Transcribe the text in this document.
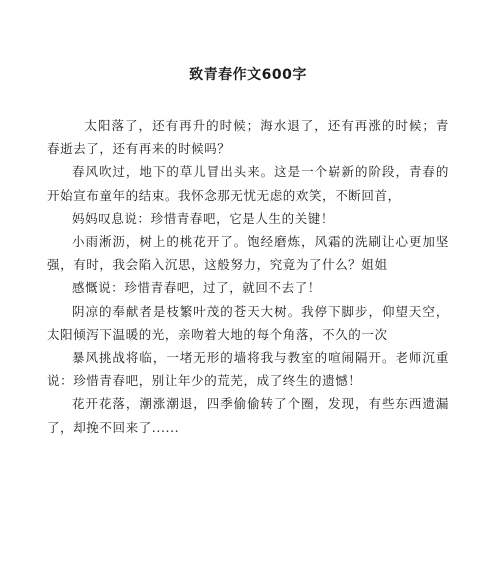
致青春作文600字

太阳落了，还有再升的时候；海水退了，还有再涨的时候；青春逝去了，还有再来的时候吗？

春风吹过，地下的草儿冒出头来。这是一个崭新的阶段，青春的开始宣布童年的结束。我怀念那无忧无虑的欢笑，不断回首，

妈妈叹息说：珍惜青春吧，它是人生的关键！

小雨淅沥，树上的桃花开了。饱经磨炼，风霜的洗刷让心更加坚强，有时，我会陷入沉思，这般努力，究竟为了什么？姐姐

感慨说：珍惜青春吧，过了，就回不去了！

阴凉的奉献者是枝繁叶茂的苍天大树。我停下脚步，仰望天空，太阳倾泻下温暖的光，亲吻着大地的每个角落，不久的一次

暴风挑战将临，一堵无形的墙将我与教室的喧闹隔开。老师沉重说：珍惜青春吧，别让年少的荒芜，成了终生的遗憾！

花开花落，潮涨潮退，四季偷偷转了个圈，发现，有些东西遗漏了，却挽不回来了......
